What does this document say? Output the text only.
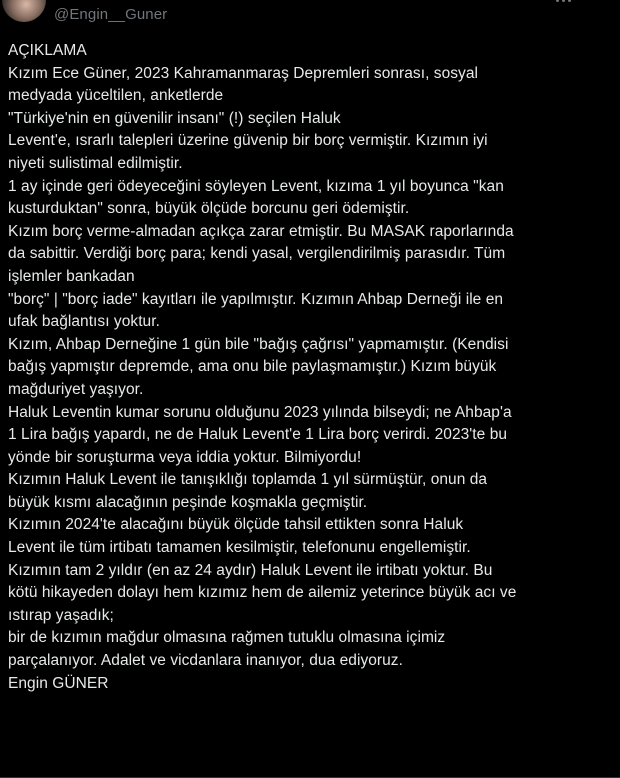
@Engin__Guner
AÇIKLAMA
Kızım Ece Güner, 2023 Kahramanmaraş Depremleri sonrası, sosyal
medyada yüceltilen, anketlerde
"Türkiye'nin en güvenilir insanı" (!) seçilen Haluk
Levent'e, ısrarlı talepleri üzerine güvenip bir borç vermiştir. Kızımın iyi
niyeti sulistimal edilmiştir.
1 ay içinde geri ödeyeceğini söyleyen Levent, kızıma 1 yıl boyunca "kan
kusturduktan" sonra, büyük ölçüde borcunu geri ödemiştir.
Kızım borç verme-almadan açıkça zarar etmiştir. Bu MASAK raporlarında
da sabittir. Verdiği borç para; kendi yasal, vergilendirilmiş parasıdır. Tüm
işlemler bankadan
"borç" | "borç iade" kayıtları ile yapılmıştır. Kızımın Ahbap Derneği ile en
ufak bağlantısı yoktur.
Kızım, Ahbap Derneğine 1 gün bile "bağış çağrısı" yapmamıştır. (Kendisi
bağış yapmıştır depremde, ama onu bile paylaşmamıştır.) Kızım büyük
mağduriyet yaşıyor.
Haluk Leventin kumar sorunu olduğunu 2023 yılında bilseydi; ne Ahbap'a
1 Lira bağış yapardı, ne de Haluk Levent'e 1 Lira borç verirdi. 2023'te bu
yönde bir soruşturma veya iddia yoktur. Bilmiyordu!
Kızımın Haluk Levent ile tanışıklığı toplamda 1 yıl sürmüştür, onun da
büyük kısmı alacağının peşinde koşmakla geçmiştir.
Kızımın 2024'te alacağını büyük ölçüde tahsil ettikten sonra Haluk
Levent ile tüm irtibatı tamamen kesilmiştir, telefonunu engellemiştir.
Kızımın tam 2 yıldır (en az 24 aydır) Haluk Levent ile irtibatı yoktur. Bu
kötü hikayeden dolayı hem kızımız hem de ailemiz yeterince büyük acı ve
ıstırap yaşadık;
bir de kızımın mağdur olmasına rağmen tutuklu olmasına içimiz
parçalanıyor. Adalet ve vicdanlara inanıyor, dua ediyoruz.
Engin GÜNER
